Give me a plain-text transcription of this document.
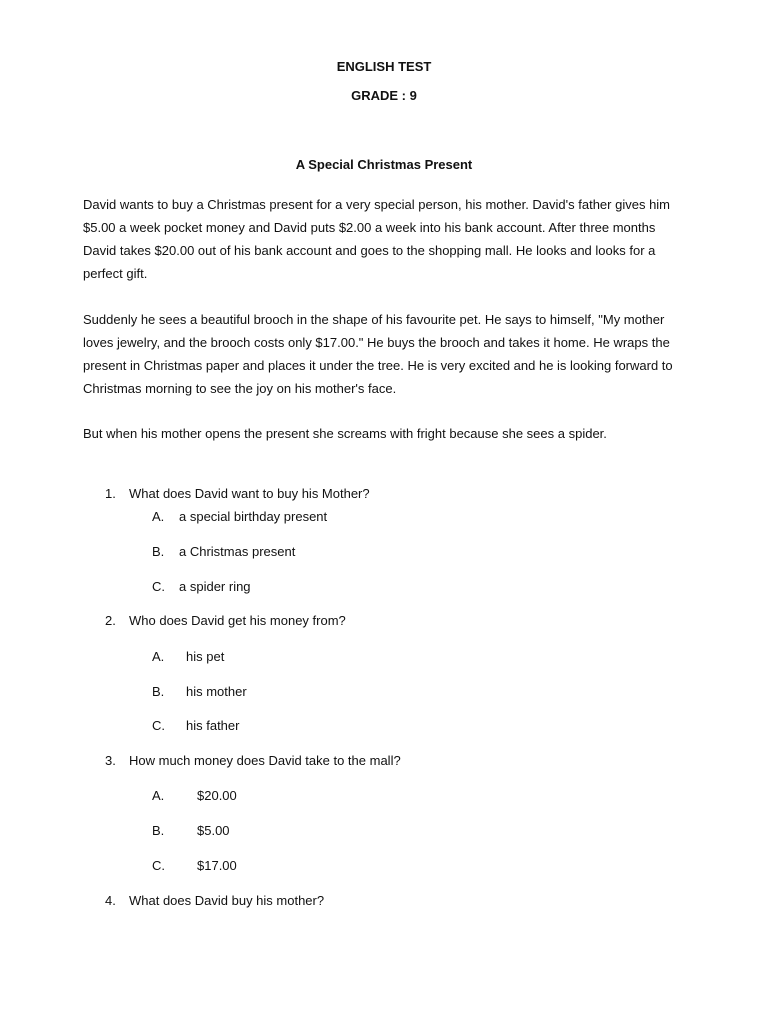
ENGLISH TEST
GRADE : 9
A Special Christmas Present
David wants to buy a Christmas present for a very special person, his mother. David's father gives him
$5.00 a week pocket money and David puts $2.00 a week into his bank account. After three months
David takes $20.00 out of his bank account and goes to the shopping mall. He looks and looks for a
perfect gift.
Suddenly he sees a beautiful brooch in the shape of his favourite pet. He says to himself, "My mother
loves jewelry, and the brooch costs only $17.00." He buys the brooch and takes it home. He wraps the
present in Christmas paper and places it under the tree. He is very excited and he is looking forward to
Christmas morning to see the joy on his mother's face.
But when his mother opens the present she screams with fright because she sees a spider.
1. What does David want to buy his Mother?
A. a special birthday present
B. a Christmas present
C. a spider ring
2. Who does David get his money from?
A. his pet
B. his mother
C. his father
3. How much money does David take to the mall?
A.	$20.00
B.	$5.00
C. $17.00
4. What does David buy his mother?
